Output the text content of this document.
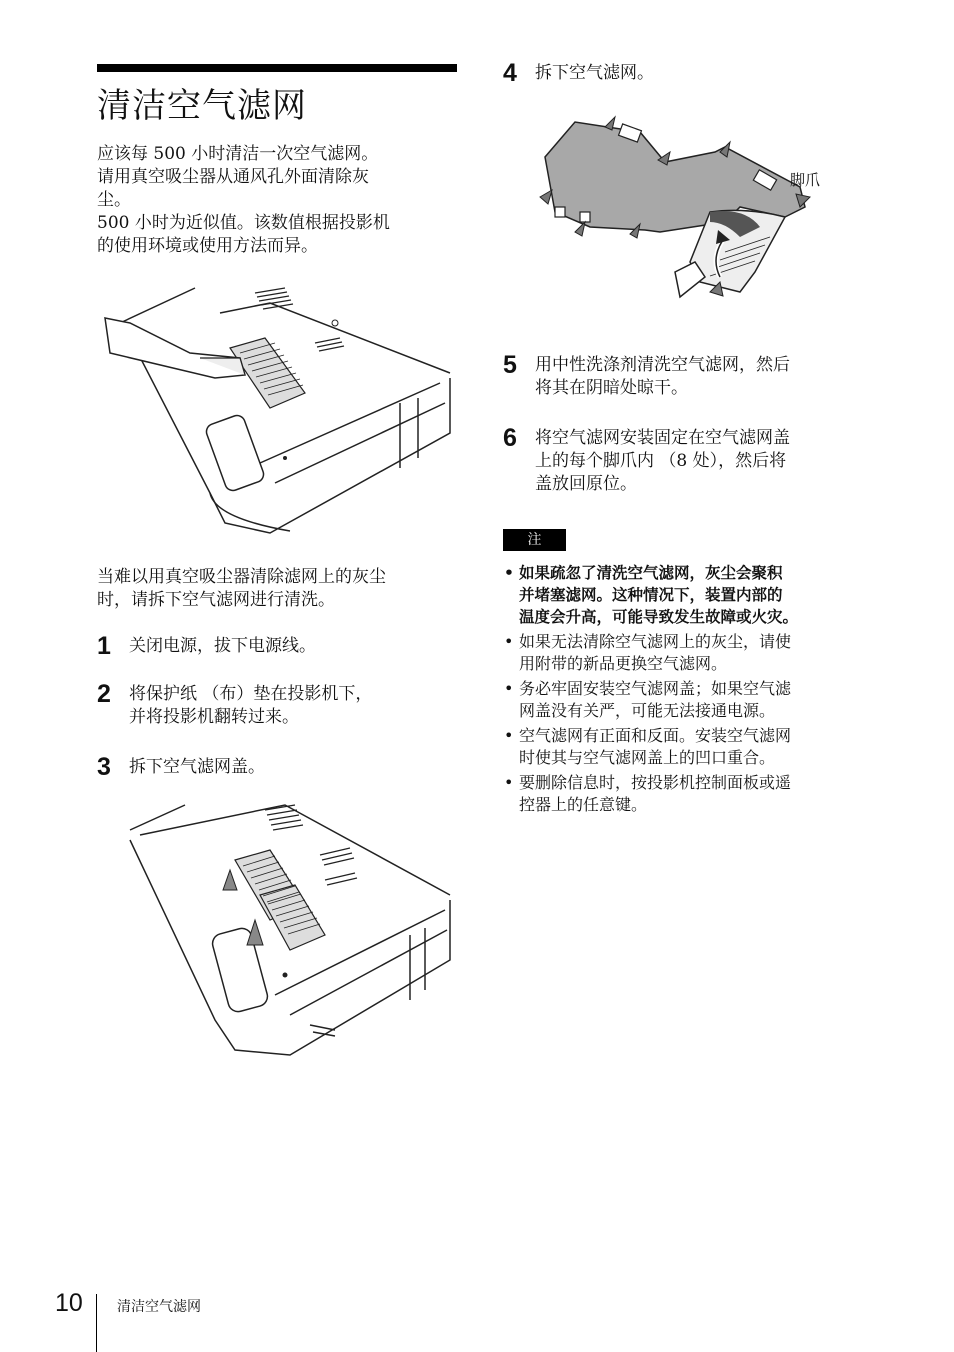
清洁空气滤网

应该每 500 小时清洁一次空气滤网。

请用真空吸尘器从通风孔外面清除灰

尘。

500 小时为近似值。该数值根据投影机

的使用环境或使用方法而异。

当难以用真空吸尘器清除滤网上的灰尘

时，请拆下空气滤网进行清洗。

1	关闭电源，拔下电源线。

2	将保护纸 （布）垫在投影机下，

并将投影机翻转过来。

3	拆下空气滤网盖。

4	拆下空气滤网。

脚爪
5	用中性洗涤剂清洗空气滤网，然后

将其在阴暗处晾干。

6	将空气滤网安装固定在空气滤网盖

上的每个脚爪内 （8 处），然后将

盖放回原位。

注
• 如果疏忽了清洗空气滤网，灰尘会聚积
并堵塞滤网。这种情况下，装置内部的
温度会升高，可能导致发生故障或火灾。
• 如果无法清除空气滤网上的灰尘，请使
用附带的新品更换空气滤网。
• 务必牢固安装空气滤网盖；如果空气滤
网盖没有关严，可能无法接通电源。
• 空气滤网有正面和反面。安装空气滤网
时使其与空气滤网盖上的凹口重合。
• 要删除信息时，按投影机控制面板或遥
控器上的任意键。
10 清洁空气滤网
